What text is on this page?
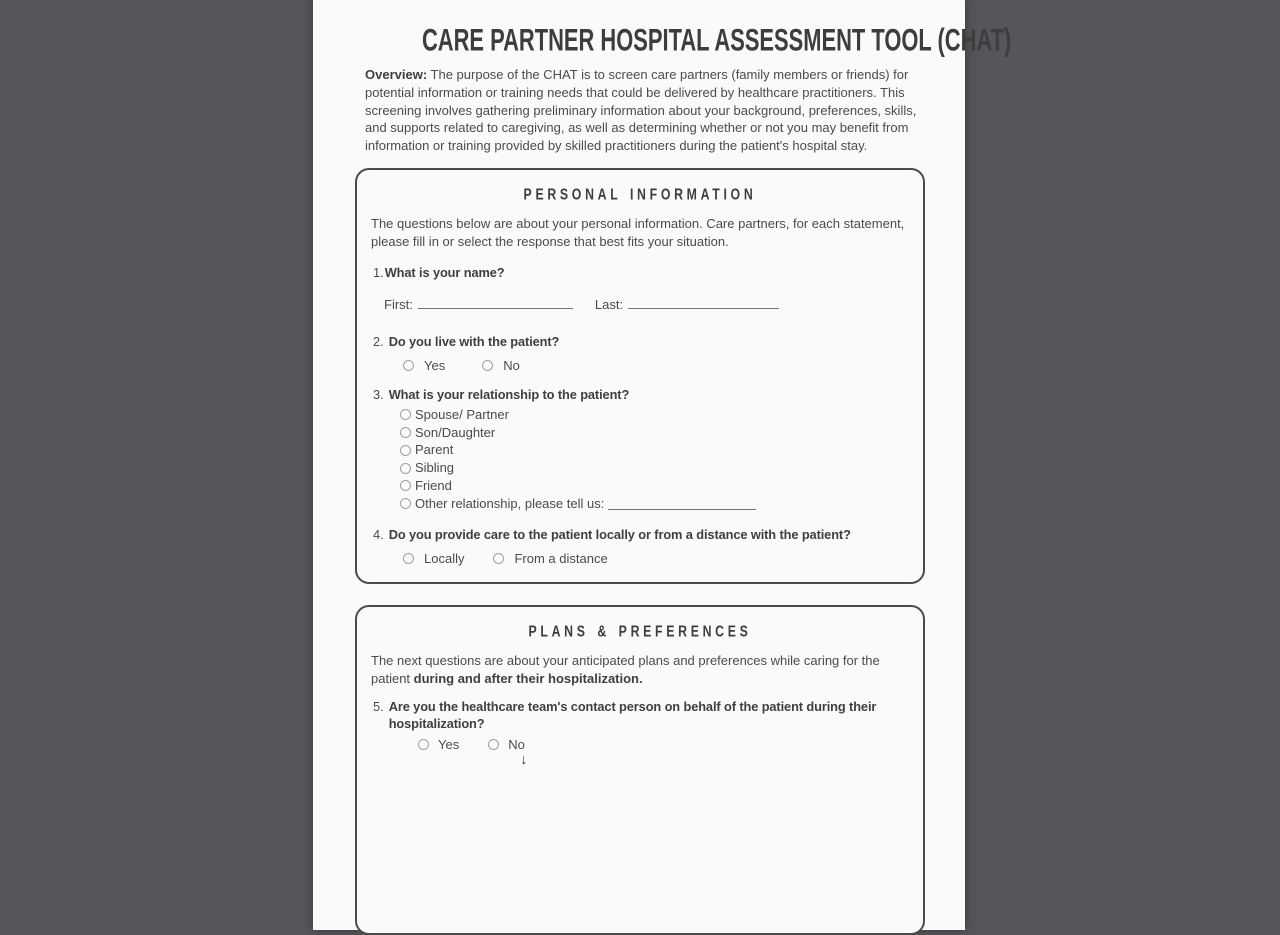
CARE PARTNER HOSPITAL ASSESSMENT TOOL (CHAT)

Overview: The purpose of the CHAT is to screen care partners (family members or friends) for potential information or training needs that could be delivered by healthcare practitioners. This screening involves gathering preliminary information about your background, preferences, skills, and supports related to caregiving, as well as determining whether or not you may benefit from information or training provided by skilled practitioners during the patient's hospital stay.

PERSONAL INFORMATION

The questions below are about your personal information. Care partners, for each statement, please fill in or select the response that best fits your situation.

1. What is your name?
First:	Last:
2. Do you live with the patient?
Yes	No
3. What is your relationship to the patient?
Spouse/ Partner
Son/Daughter
Parent
Sibling
Friend
Other relationship, please tell us:
4. Do you provide care to the patient locally or from a distance with the patient?
Locally	From a distance
PLANS & PREFERENCES

The next questions are about your anticipated plans and preferences while caring for the patient during and after their hospitalization.

5. Are you the healthcare team's contact person on behalf of the patient during their hospitalization?
Yes	No
↓
